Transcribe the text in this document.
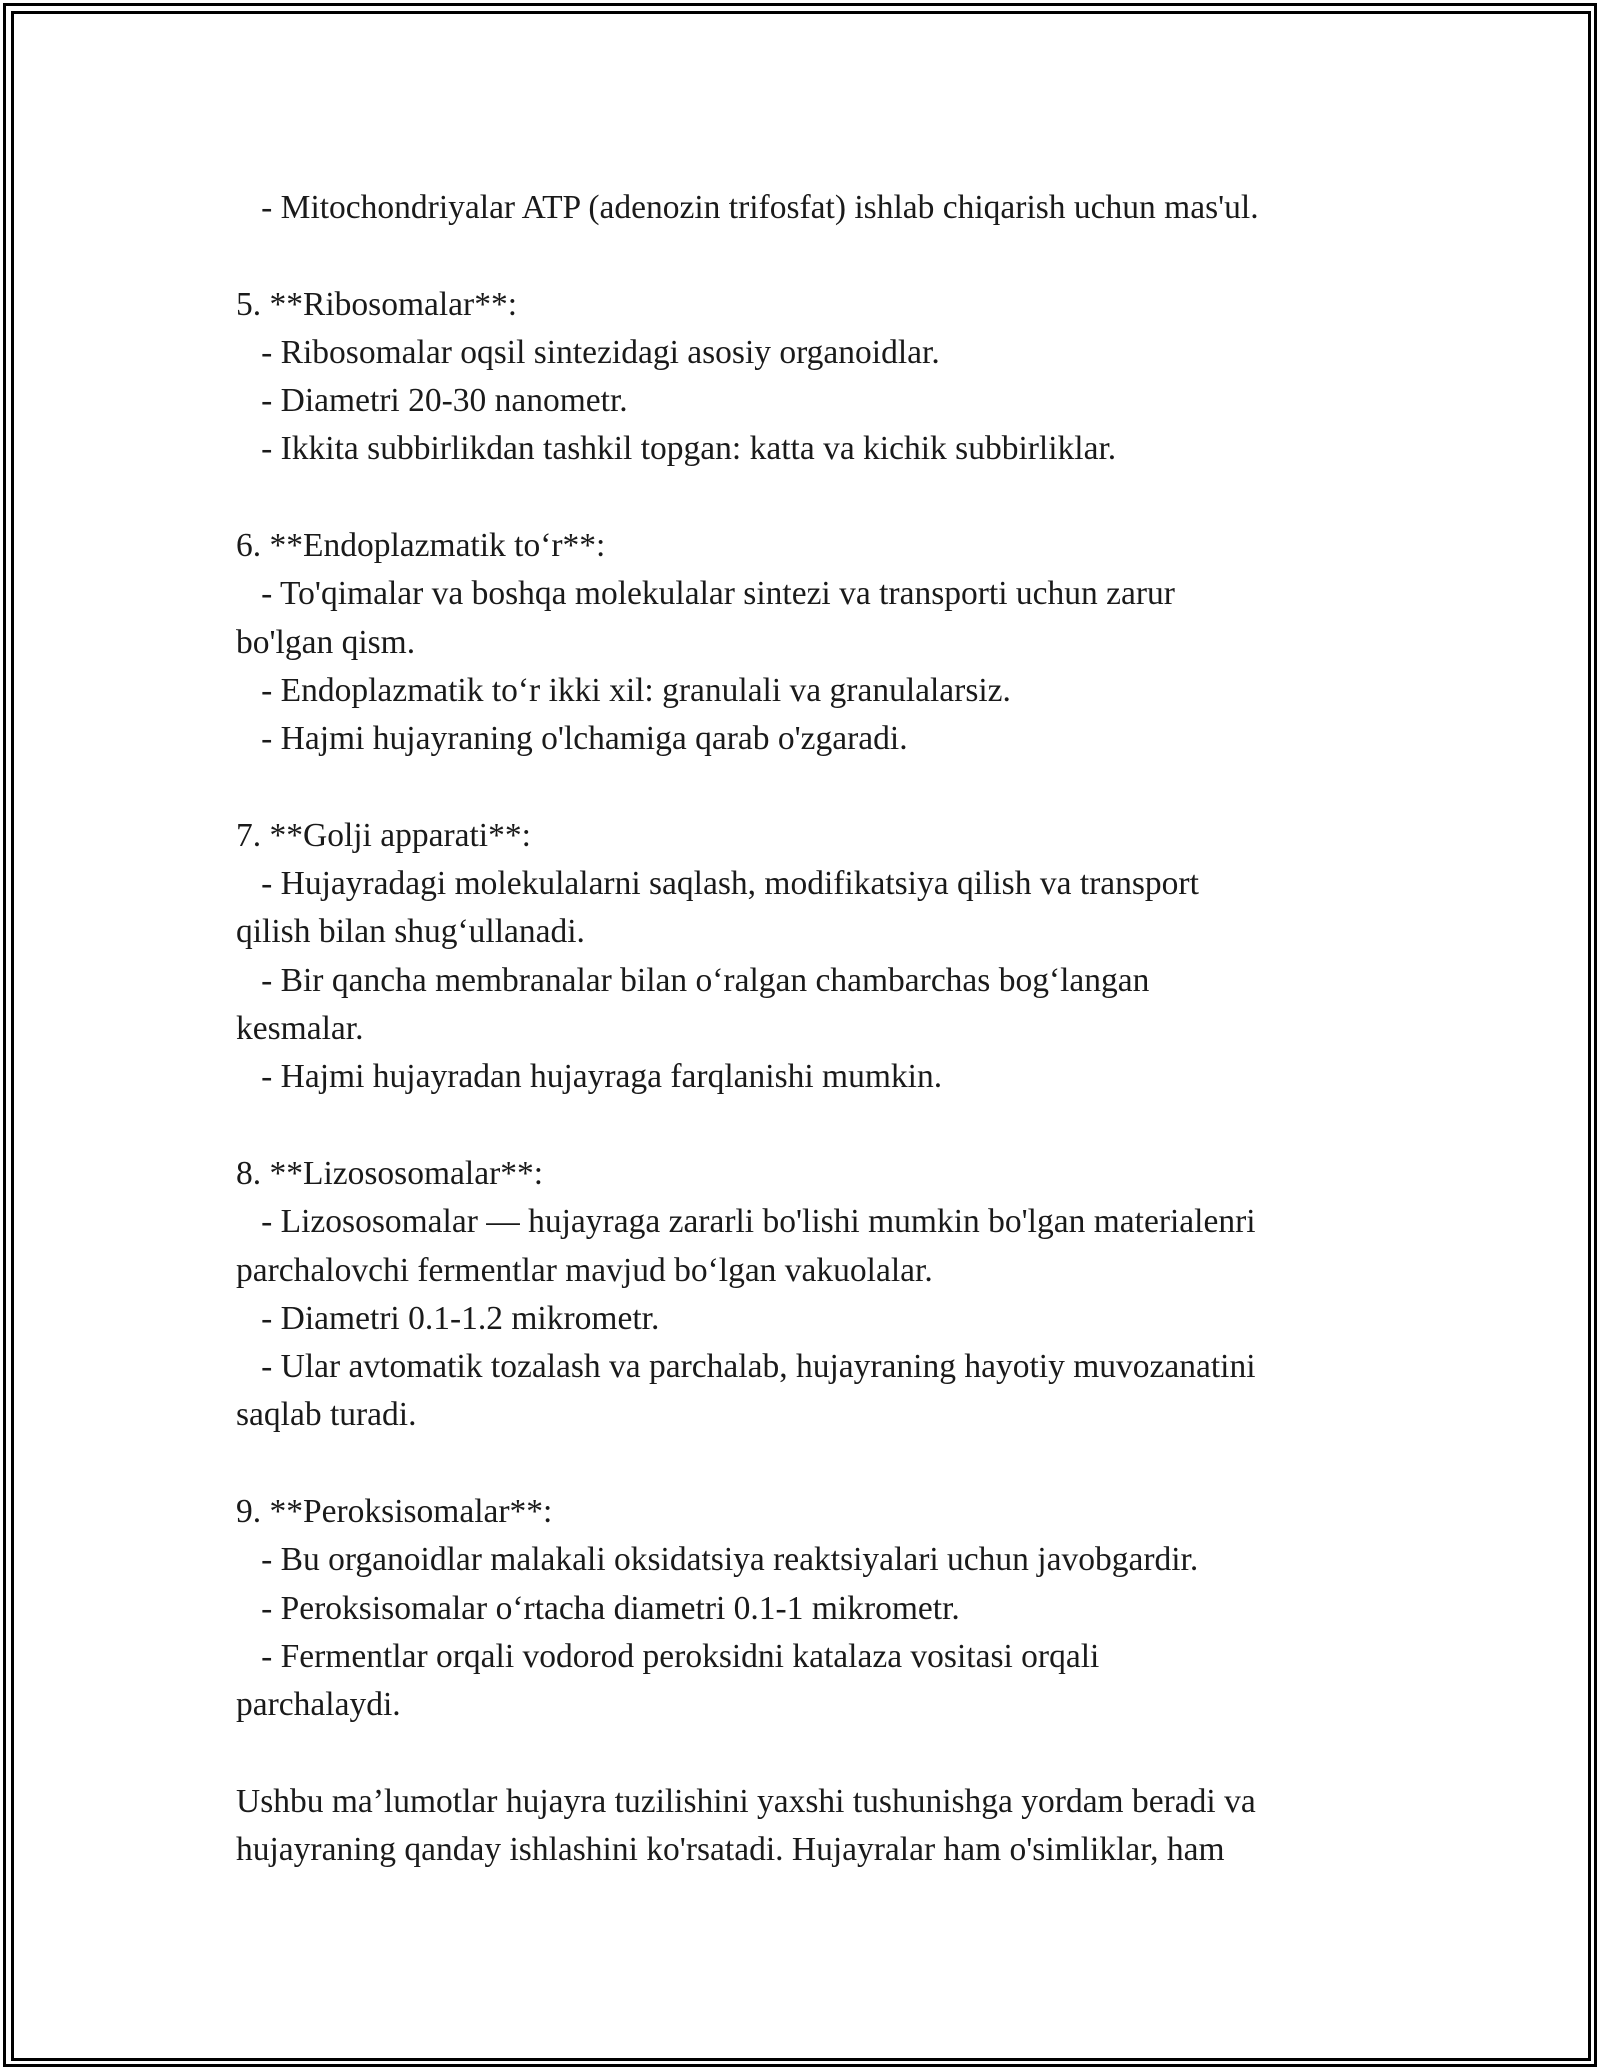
- Mitochondriyalar ATP (adenozin trifosfat) ishlab chiqarish uchun mas'ul.
5. **Ribosomalar**:
- Ribosomalar oqsil sintezidagi asosiy organoidlar.
- Diametri 20-30 nanometr.
- Ikkita subbirlikdan tashkil topgan: katta va kichik subbirliklar.
6. **Endoplazmatik to‘r**:
- To'qimalar va boshqa molekulalar sintezi va transporti uchun zarur
bo'lgan qism.
- Endoplazmatik to‘r ikki xil: granulali va granulalarsiz.
- Hajmi hujayraning o'lchamiga qarab o'zgaradi.
7. **Golji apparati**:
- Hujayradagi molekulalarni saqlash, modifikatsiya qilish va transport
qilish bilan shug‘ullanadi.
- Bir qancha membranalar bilan o‘ralgan chambarchas bog‘langan
kesmalar.
- Hajmi hujayradan hujayraga farqlanishi mumkin.
8. **Lizososomalar**:
- Lizososomalar — hujayraga zararli bo'lishi mumkin bo'lgan materialenri
parchalovchi fermentlar mavjud bo‘lgan vakuolalar.
- Diametri 0.1-1.2 mikrometr.
- Ular avtomatik tozalash va parchalab, hujayraning hayotiy muvozanatini
saqlab turadi.
9. **Peroksisomalar**:
- Bu organoidlar malakali oksidatsiya reaktsiyalari uchun javobgardir.
- Peroksisomalar o‘rtacha diametri 0.1-1 mikrometr.
- Fermentlar orqali vodorod peroksidni katalaza vositasi orqali
parchalaydi.
Ushbu ma’lumotlar hujayra tuzilishini yaxshi tushunishga yordam beradi va
hujayraning qanday ishlashini ko'rsatadi. Hujayralar ham o'simliklar, ham
